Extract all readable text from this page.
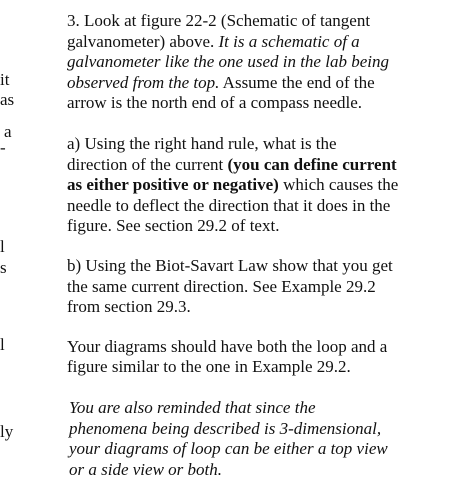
it
as
a
-
l
s
l
ly
3. Look at figure 22-2 (Schematic of tangent
galvanometer) above. It is a schematic of a
galvanometer like the one used in the lab being
observed from the top. Assume the end of the
arrow is the north end of a compass needle.
a) Using the right hand rule, what is the
direction of the current (you can define current
as either positive or negative) which causes the
needle to deflect the direction that it does in the
figure. See section 29.2 of text.
b) Using the Biot-Savart Law show that you get
the same current direction. See Example 29.2
from section 29.3.
Your diagrams should have both the loop and a
figure similar to the one in Example 29.2.
You are also reminded that since the
phenomena being described is 3-dimensional,
your diagrams of loop can be either a top view
or a side view or both.
